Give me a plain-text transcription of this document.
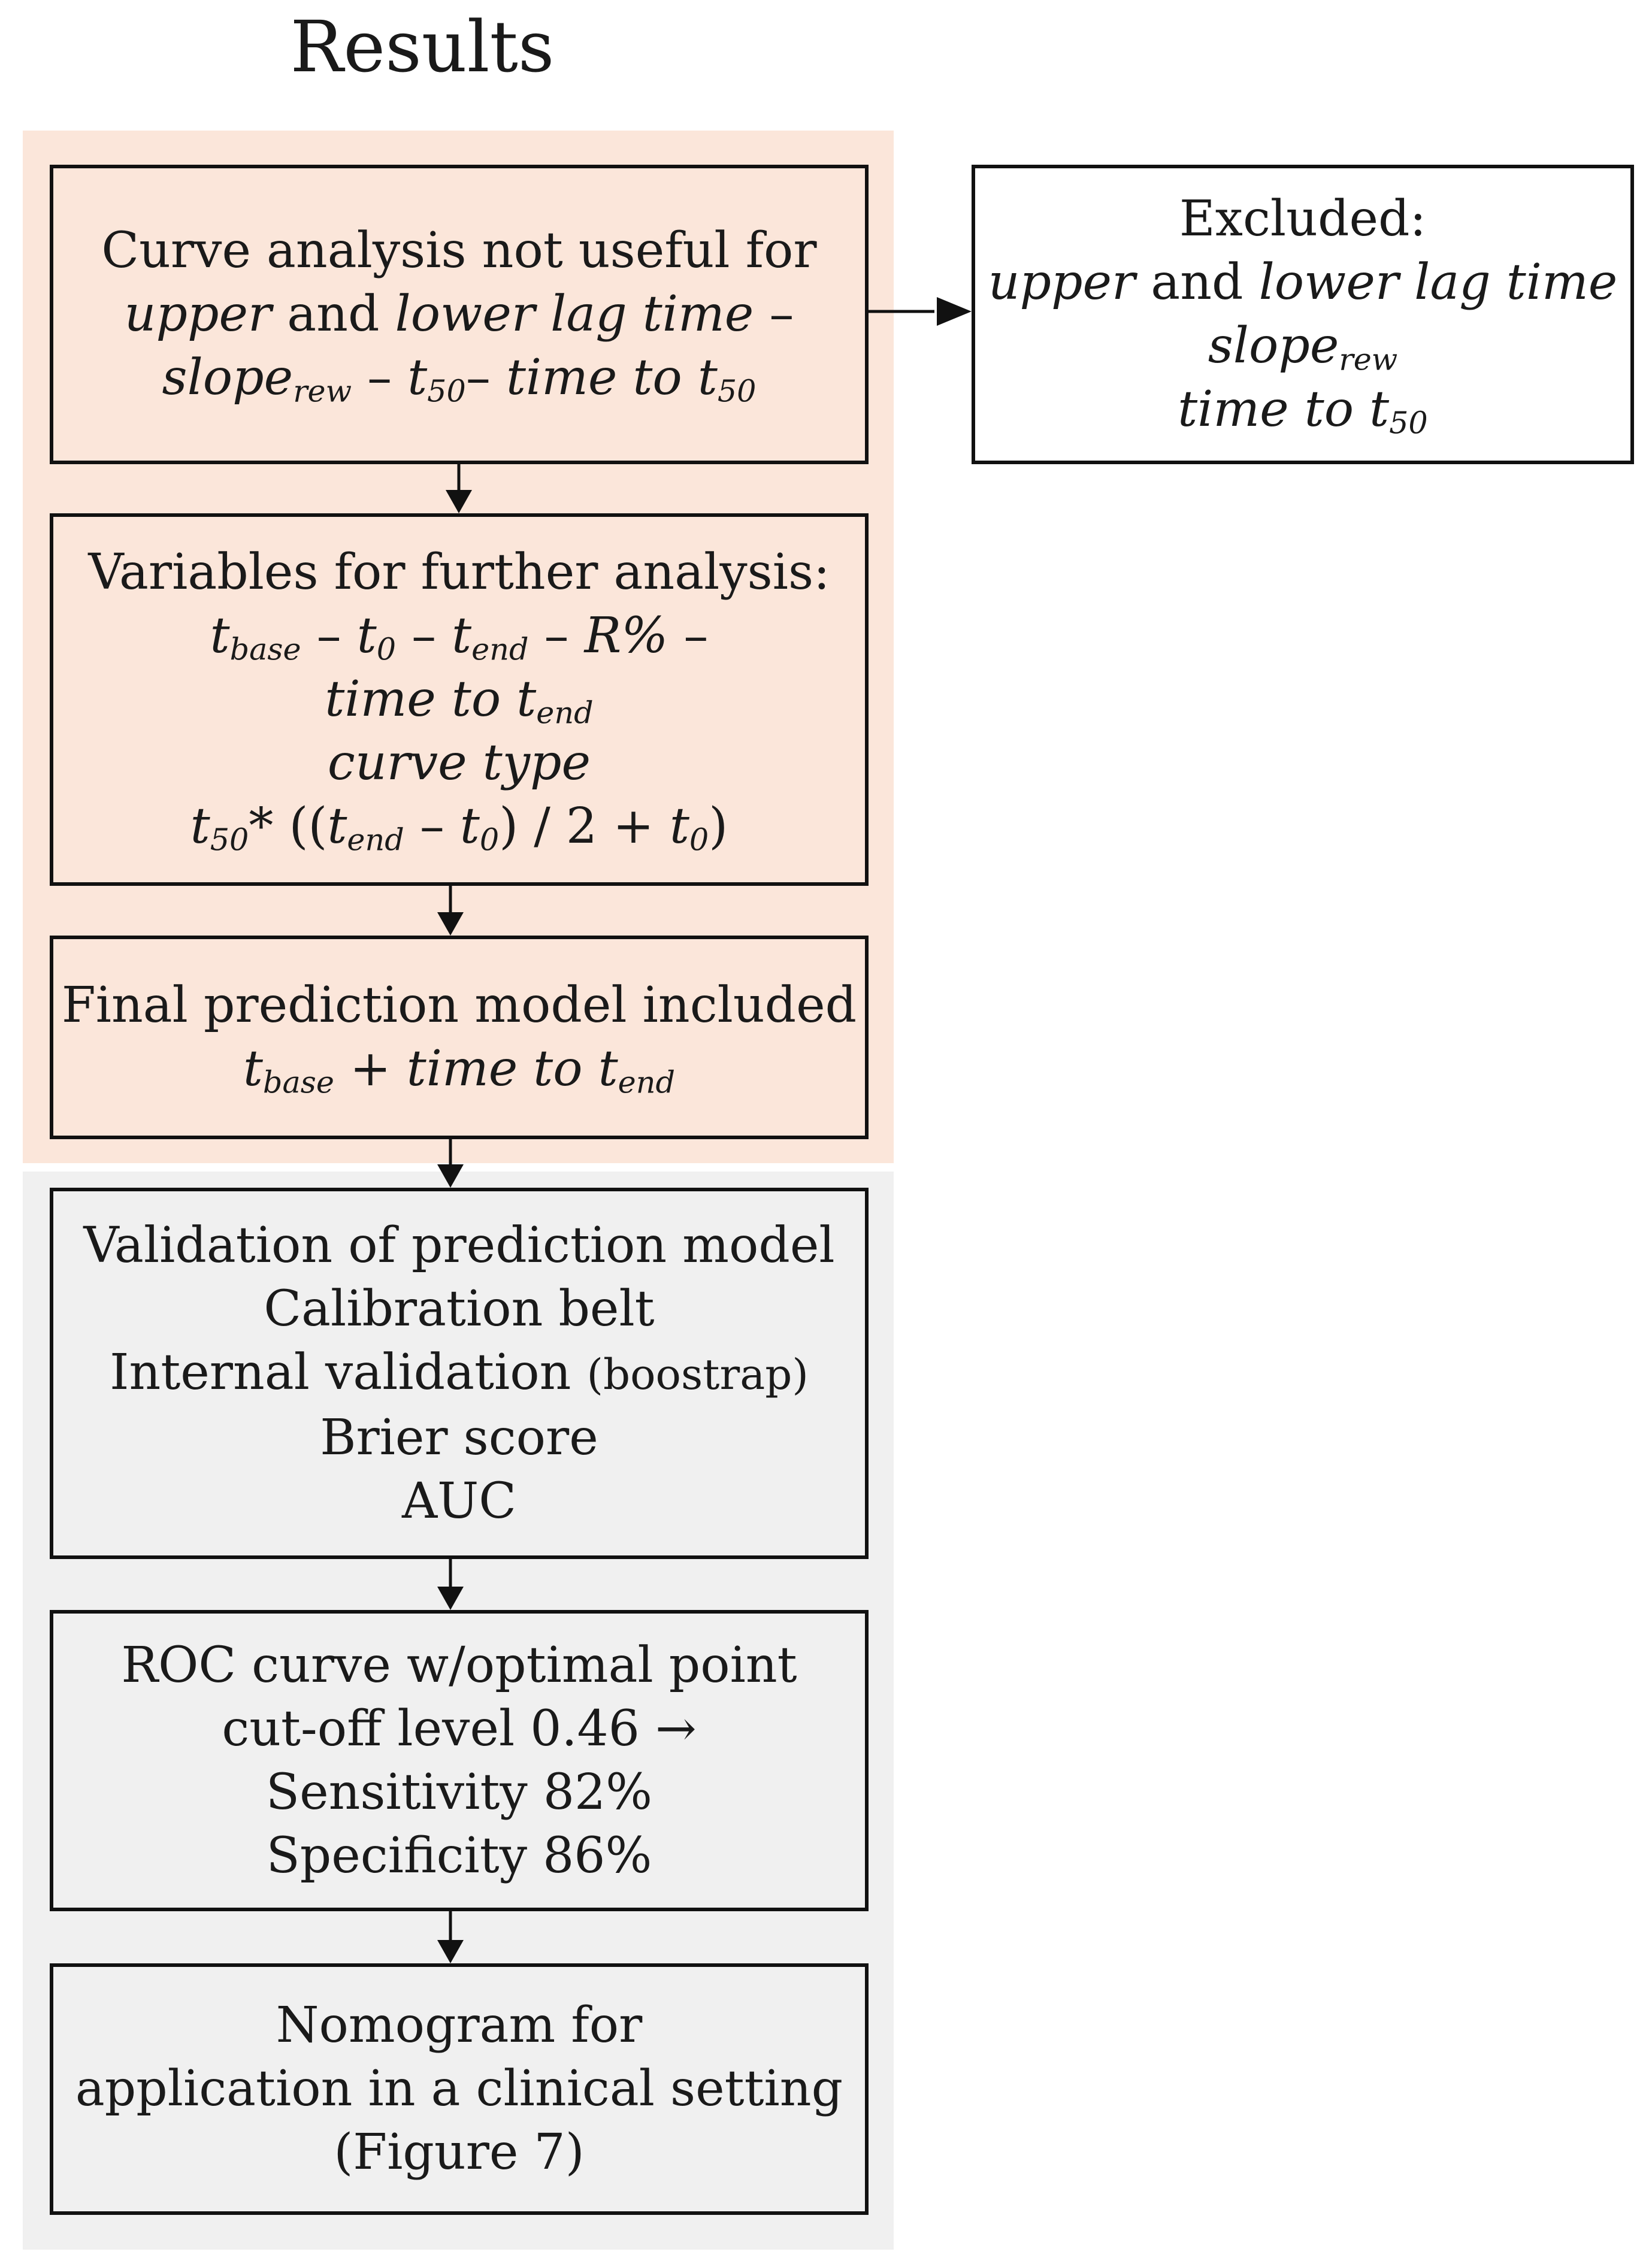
Results
Curve analysis not useful for
upper and lower lag time –
slope$_{rew}$ – $t_{50}-$ time to $t_{50}$
Variables for further analysis:
$t_{base} - t_0 - t_{end} - R\%$ –
time to $t_{end}$
curve type
$t_{50}*$ $((t_{end} - t_0) / 2 + t_0)$
Final prediction model included
$t_{base}$ + time to $t_{end}$
Validation of prediction model
Calibration belt
Internal validation (boostrap)
Brier score
AUC
ROC curve w/optimal point
cut-off level 0.46 →
Sensitivity 82%
Specificity 86%
Nomogram for
application in a clinical setting
(Figure 7)
Excluded:
upper and lower lag time
slope$_{rew}$
time to $t_{50}$
